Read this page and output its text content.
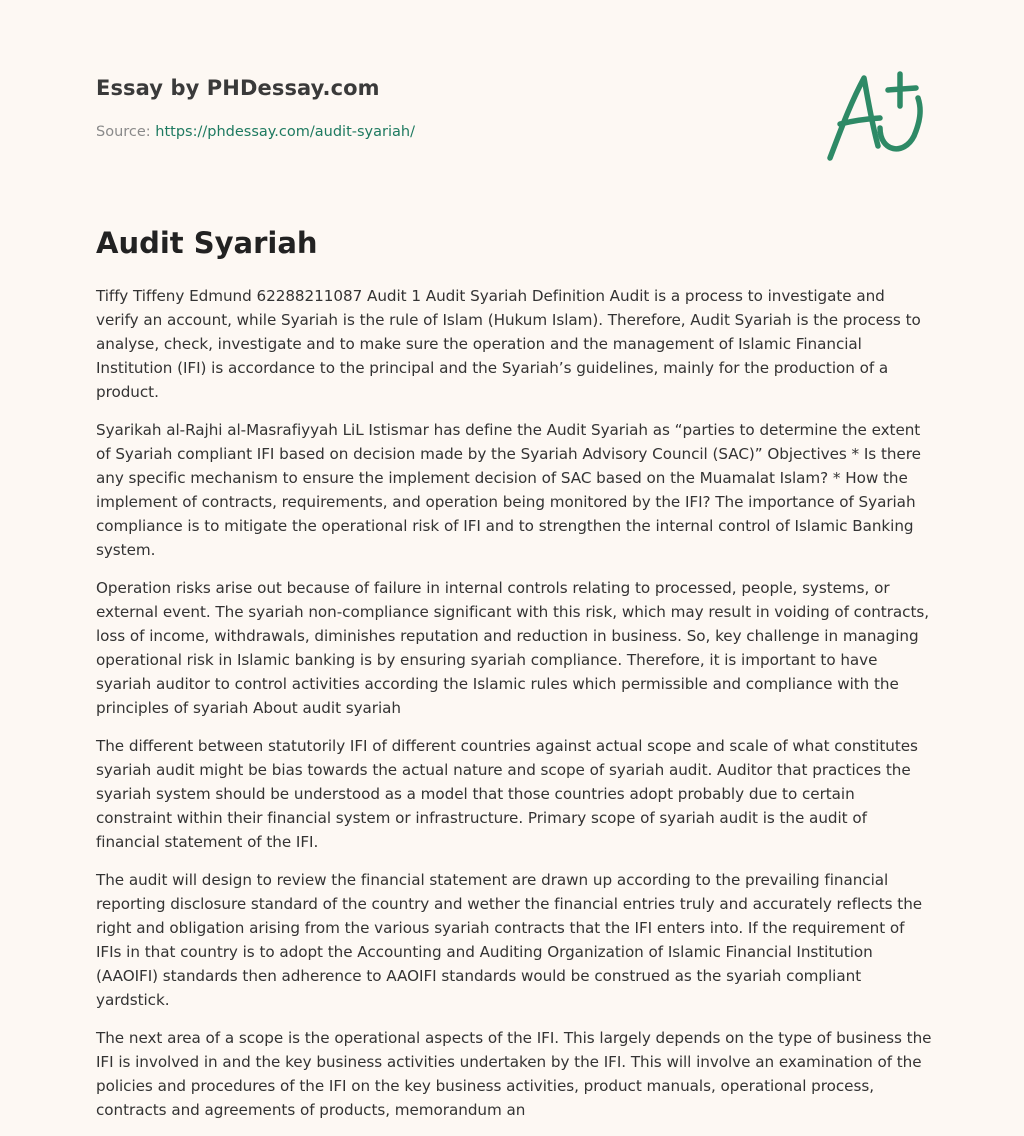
Essay by PHDessay.com
Source: https://phdessay.com/audit-syariah/
Audit Syariah

Tiffy Tiffeny Edmund 62288211087 Audit 1 Audit Syariah Definition Audit is a process to investigate and verify an account, while Syariah is the rule of Islam (Hukum Islam). Therefore, Audit Syariah is the process to analyse, check, investigate and to make sure the operation and the management of Islamic Financial Institution (IFI) is accordance to the principal and the Syariah’s guidelines, mainly for the production of a product.

Syarikah al-Rajhi al-Masrafiyyah LiL Istismar has define the Audit Syariah as “parties to determine the extent of Syariah compliant IFI based on decision made by the Syariah Advisory Council (SAC)” Objectives * Is there any specific mechanism to ensure the implement decision of SAC based on the Muamalat Islam? * How the implement of contracts, requirements, and operation being monitored by the IFI? The importance of Syariah compliance is to mitigate the operational risk of IFI and to strengthen the internal control of Islamic Banking system.

Operation risks arise out because of failure in internal controls relating to processed, people, systems, or external event. The syariah non-compliance significant with this risk, which may result in voiding of contracts, loss of income, withdrawals, diminishes reputation and reduction in business. So, key challenge in managing operational risk in Islamic banking is by ensuring syariah compliance. Therefore, it is important to have syariah auditor to control activities according the Islamic rules which permissible and compliance with the principles of syariah About audit syariah

The different between statutorily IFI of different countries against actual scope and scale of what constitutes syariah audit might be bias towards the actual nature and scope of syariah audit. Auditor that practices the syariah system should be understood as a model that those countries adopt probably due to certain constraint within their financial system or infrastructure. Primary scope of syariah audit is the audit of financial statement of the IFI.

The audit will design to review the financial statement are drawn up according to the prevailing financial reporting disclosure standard of the country and wether the financial entries truly and accurately reflects the right and obligation arising from the various syariah contracts that the IFI enters into. If the requirement of IFIs in that country is to adopt the Accounting and Auditing Organization of Islamic Financial Institution (AAOIFI) standards then adherence to AAOIFI standards would be construed as the syariah compliant yardstick.

The next area of a scope is the operational aspects of the IFI. This largely depends on the type of business the IFI is involved in and the key business activities undertaken by the IFI. This will involve an examination of the policies and procedures of the IFI on the key business activities, product manuals, operational process, contracts and agreements of products, memorandum an
